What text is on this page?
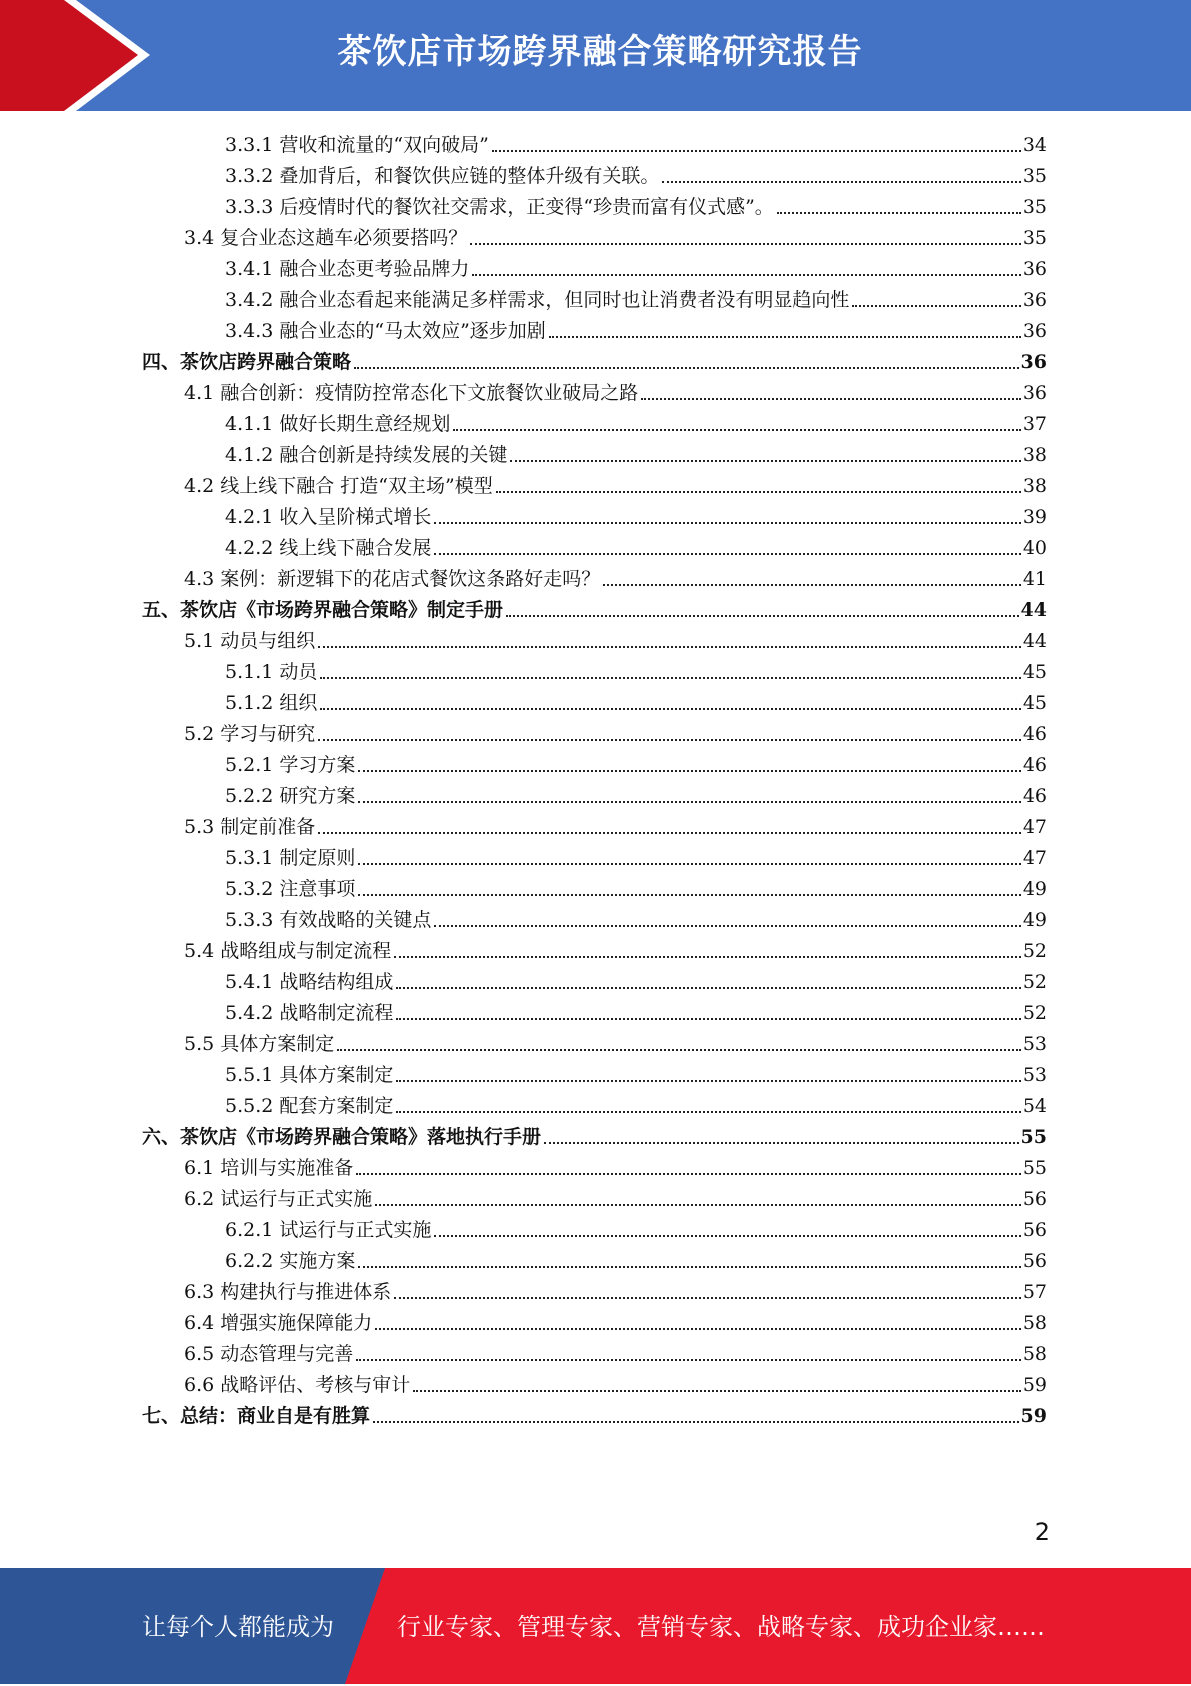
茶饮店市场跨界融合策略研究报告
3.3.1 营收和流量的“双向破局”	34
3.3.2 叠加背后，和餐饮供应链的整体升级有关联。	35
3.3.3 后疫情时代的餐饮社交需求，正变得“珍贵而富有仪式感”。	35
3.4 复合业态这趟车必须要搭吗？	35
3.4.1 融合业态更考验品牌力	36
3.4.2 融合业态看起来能满足多样需求，但同时也让消费者没有明显趋向性	36
3.4.3 融合业态的“马太效应”逐步加剧	36
四、茶饮店跨界融合策略	36
4.1 融合创新：疫情防控常态化下文旅餐饮业破局之路	36
4.1.1 做好长期生意经规划	37
4.1.2 融合创新是持续发展的关键	38
4.2 线上线下融合 打造“双主场”模型	38
4.2.1 收入呈阶梯式增长	39
4.2.2 线上线下融合发展	40
4.3 案例：新逻辑下的花店式餐饮这条路好走吗？	41
五、茶饮店《市场跨界融合策略》制定手册	44
5.1 动员与组织	44
5.1.1 动员	45
5.1.2 组织	45
5.2 学习与研究	46
5.2.1 学习方案	46
5.2.2 研究方案	46
5.3 制定前准备	47
5.3.1 制定原则	47
5.3.2 注意事项	49
5.3.3 有效战略的关键点	49
5.4 战略组成与制定流程	52
5.4.1 战略结构组成	52
5.4.2 战略制定流程	52
5.5 具体方案制定	53
5.5.1 具体方案制定	53
5.5.2 配套方案制定	54
六、茶饮店《市场跨界融合策略》落地执行手册	55
6.1 培训与实施准备	55
6.2 试运行与正式实施	56
6.2.1 试运行与正式实施	56
6.2.2 实施方案	56
6.3 构建执行与推进体系	57
6.4 增强实施保障能力	58
6.5 动态管理与完善	58
6.6 战略评估、考核与审计	59
七、总结：商业自是有胜算	59
2
让每个人都能成为	行业专家、管理专家、营销专家、战略专家、成功企业家……
